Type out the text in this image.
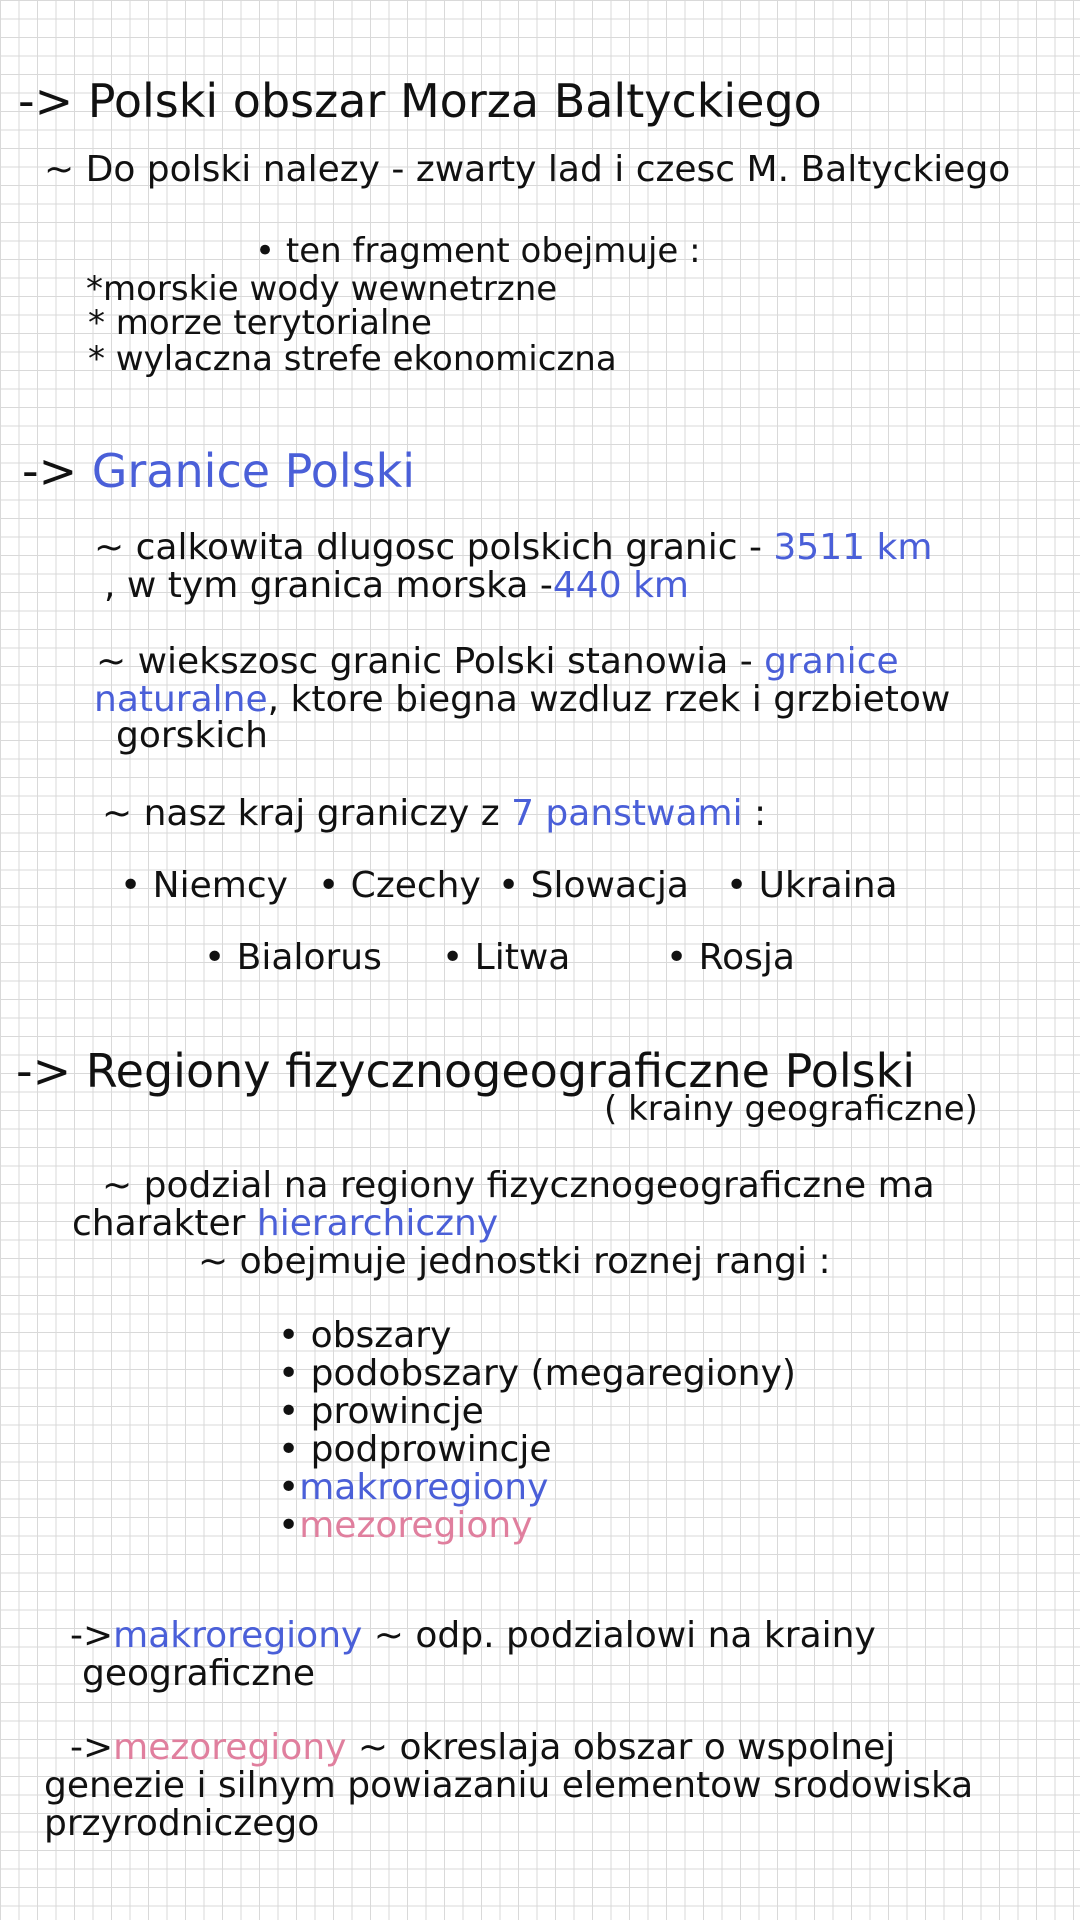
-> Polski obszar Morza Baltyckiego
~ Do polski nalezy - zwarty lad i czesc M. Baltyckiego
• ten fragment obejmuje :
*morskie wody wewnetrzne
* morze terytorialne
* wylaczna strefe ekonomiczna
-> Granice Polski
~ calkowita dlugosc polskich granic - 3511 km
, w tym granica morska -440 km
~ wiekszosc granic Polski stanowia - granice
naturalne, ktore biegna wzdluz rzek i grzbietow
gorskich
~ nasz kraj graniczy z 7 panstwami :
• Niemcy • Czechy • Slowacja • Ukraina
• Bialorus • Litwa	• Rosja
-> Regiony fizycznogeograficzne Polski
( krainy geograficzne)
~ podzial na regiony fizycznogeograficzne ma
charakter hierarchiczny
~ obejmuje jednostki roznej rangi :
• obszary
• podobszary (megaregiony)
• prowincje
• podprowincje
•makroregiony
•mezoregiony
->makroregiony ~ odp. podzialowi na krainy
geograficzne
->mezoregiony ~ okreslaja obszar o wspolnej
genezie i silnym powiazaniu elementow srodowiska
przyrodniczego
